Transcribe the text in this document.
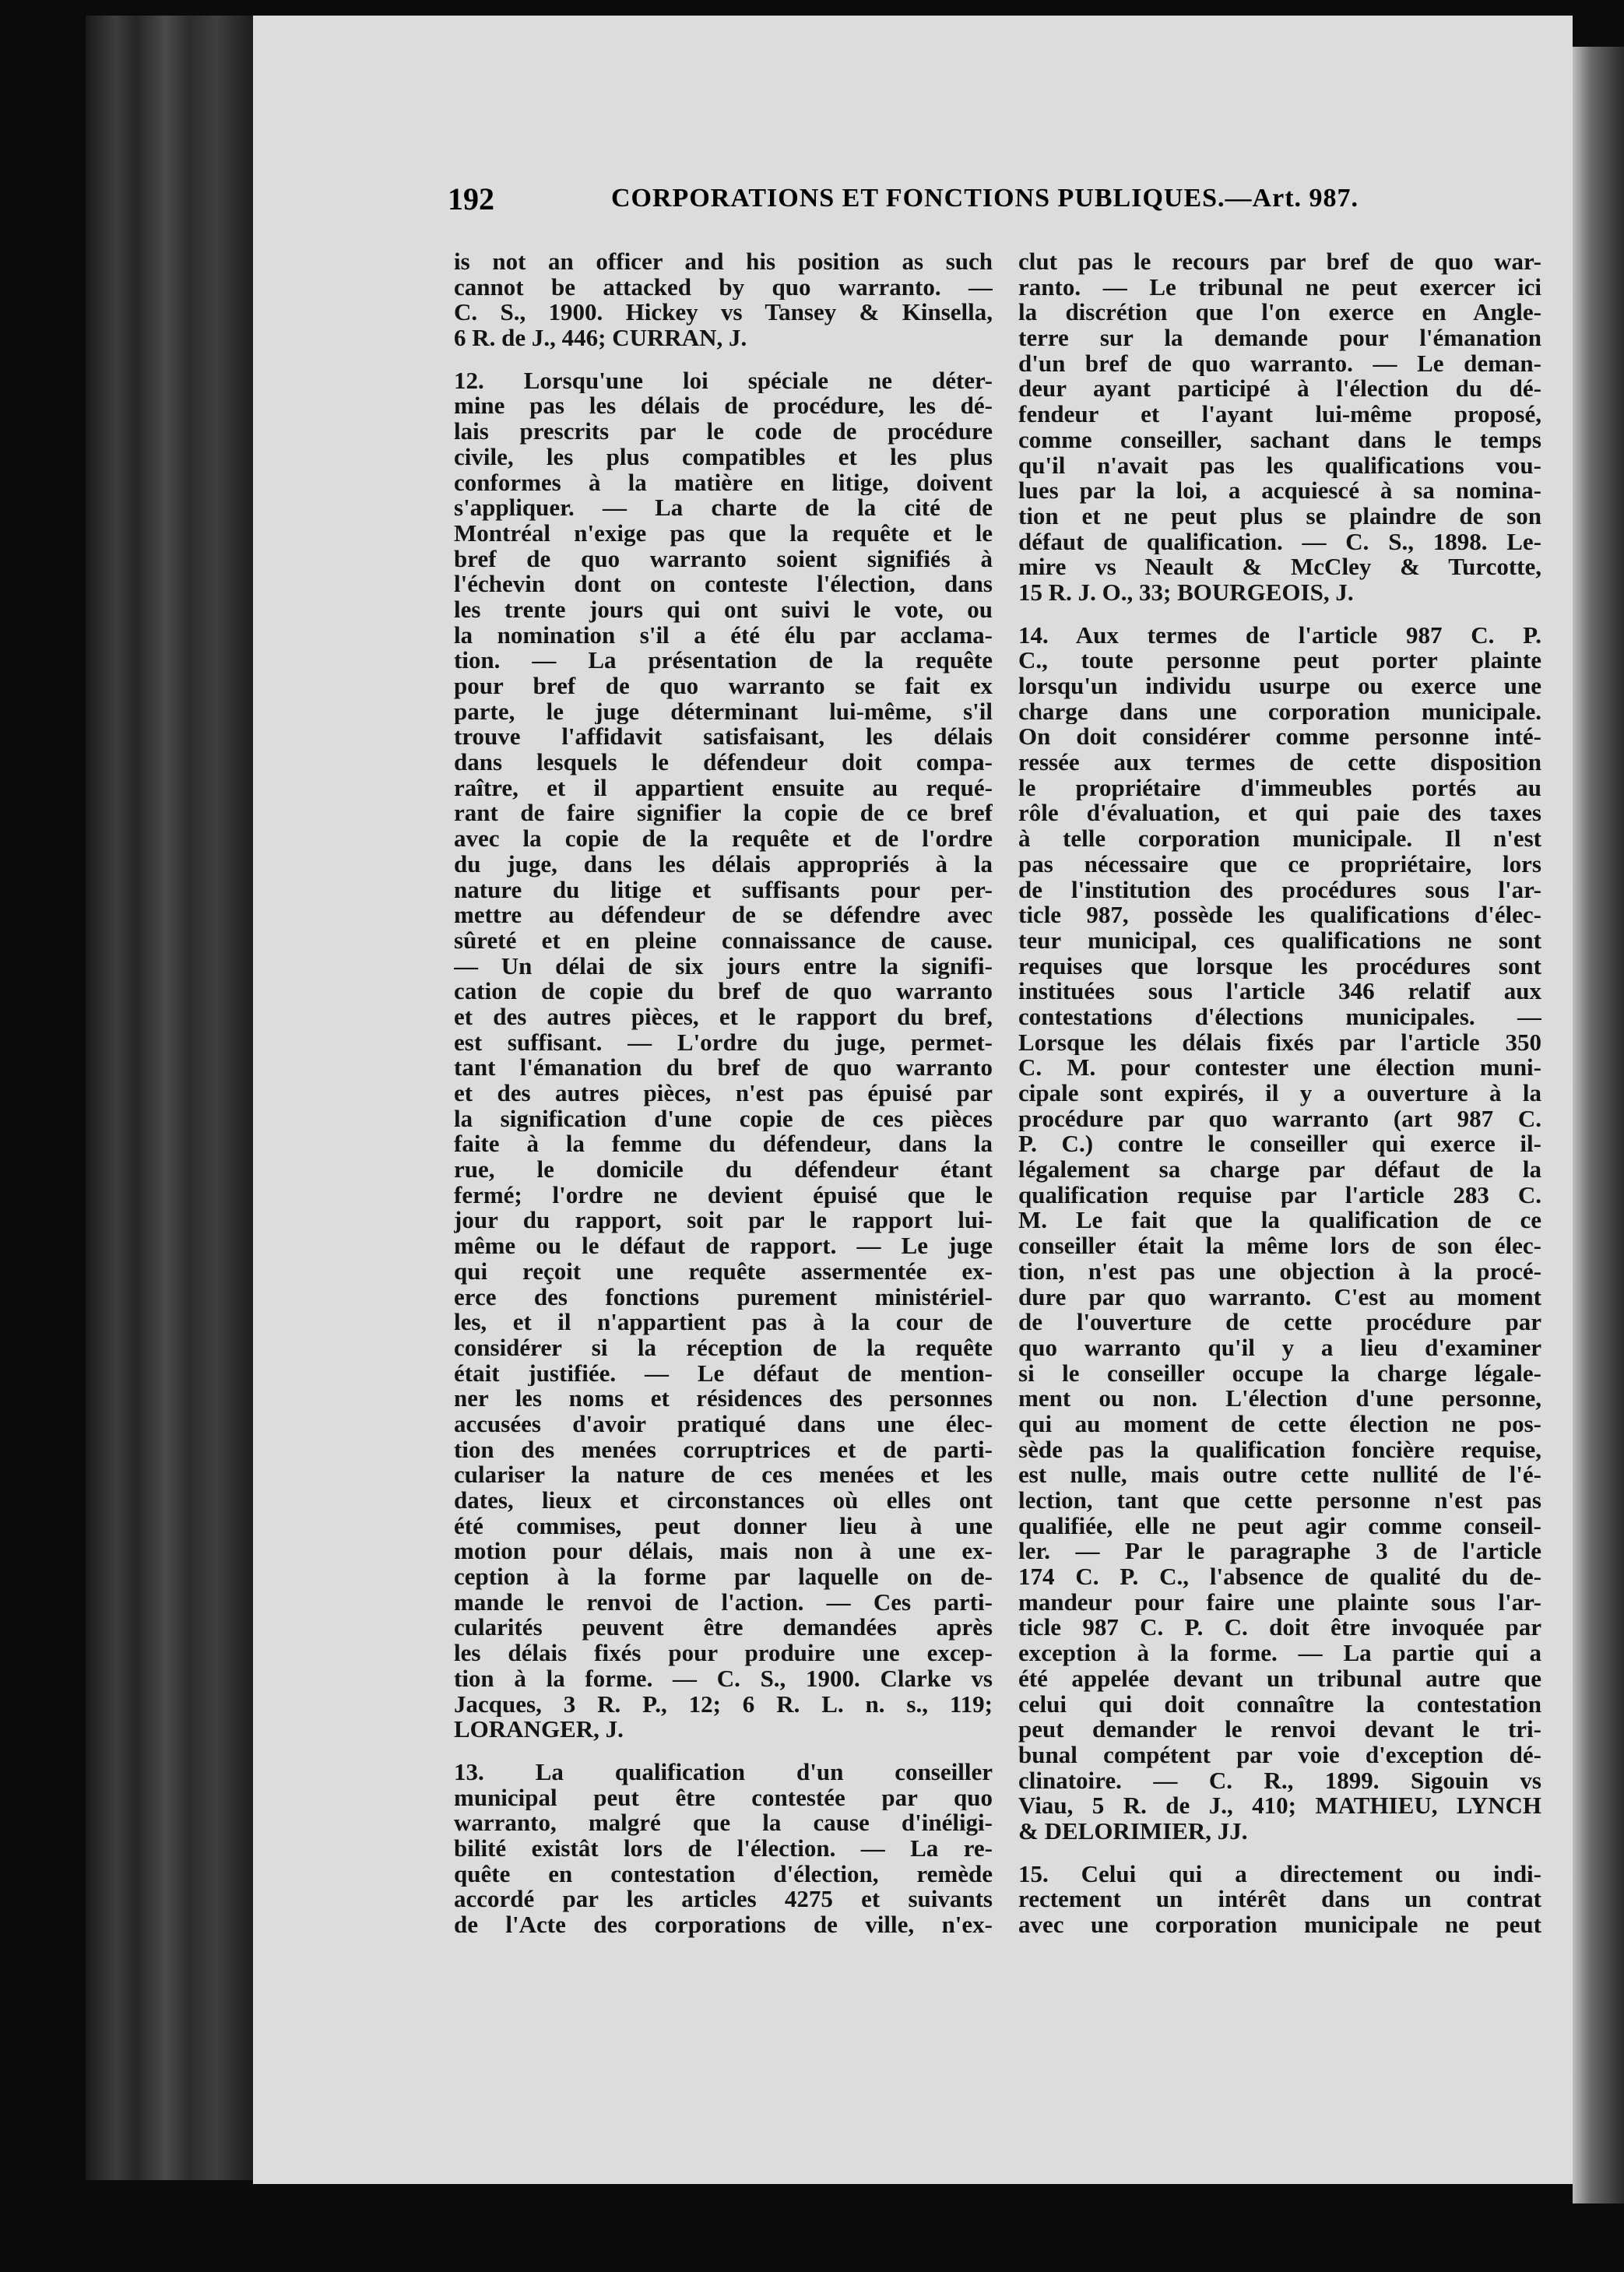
192	CORPORATIONS ET FONCTIONS PUBLIQUES.—Art. 987.
is not an officer and his position as such
cannot be attacked by quo warranto. —
C. S., 1900. Hickey vs Tansey & Kinsella,
6 R. de J., 446; CURRAN, J.
12. Lorsqu'une loi spéciale ne déter-
mine pas les délais de procédure, les dé-
lais prescrits par le code de procédure
civile, les plus compatibles et les plus
conformes à la matière en litige, doivent
s'appliquer. — La charte de la cité de
Montréal n'exige pas que la requête et le
bref de quo warranto soient signifiés à
l'échevin dont on conteste l'élection, dans
les trente jours qui ont suivi le vote, ou
la nomination s'il a été élu par acclama-
tion. — La présentation de la requête
pour bref de quo warranto se fait ex
parte, le juge déterminant lui-même, s'il
trouve l'affidavit satisfaisant, les délais
dans lesquels le défendeur doit compa-
raître, et il appartient ensuite au requé-
rant de faire signifier la copie de ce bref
avec la copie de la requête et de l'ordre
du juge, dans les délais appropriés à la
nature du litige et suffisants pour per-
mettre au défendeur de se défendre avec
sûreté et en pleine connaissance de cause.
— Un délai de six jours entre la signifi-
cation de copie du bref de quo warranto
et des autres pièces, et le rapport du bref,
est suffisant. — L'ordre du juge, permet-
tant l'émanation du bref de quo warranto
et des autres pièces, n'est pas épuisé par
la signification d'une copie de ces pièces
faite à la femme du défendeur, dans la
rue, le domicile du défendeur étant
fermé; l'ordre ne devient épuisé que le
jour du rapport, soit par le rapport lui-
même ou le défaut de rapport. — Le juge
qui reçoit une requête assermentée ex-
erce des fonctions purement ministériel-
les, et il n'appartient pas à la cour de
considérer si la réception de la requête
était justifiée. — Le défaut de mention-
ner les noms et résidences des personnes
accusées d'avoir pratiqué dans une élec-
tion des menées corruptrices et de parti-
culariser la nature de ces menées et les
dates, lieux et circonstances où elles ont
été commises, peut donner lieu à une
motion pour délais, mais non à une ex-
ception à la forme par laquelle on de-
mande le renvoi de l'action. — Ces parti-
cularités peuvent être demandées après
les délais fixés pour produire une excep-
tion à la forme. — C. S., 1900. Clarke vs
Jacques, 3 R. P., 12; 6 R. L. n. s., 119;
LORANGER, J.
13. La qualification d'un conseiller
municipal peut être contestée par quo
warranto, malgré que la cause d'inéligi-
bilité existât lors de l'élection. — La re-
quête en contestation d'élection, remède
accordé par les articles 4275 et suivants
de l'Acte des corporations de ville, n'ex-
clut pas le recours par bref de quo war-
ranto. — Le tribunal ne peut exercer ici
la discrétion que l'on exerce en Angle-
terre sur la demande pour l'émanation
d'un bref de quo warranto. — Le deman-
deur ayant participé à l'élection du dé-
fendeur et l'ayant lui-même proposé,
comme conseiller, sachant dans le temps
qu'il n'avait pas les qualifications vou-
lues par la loi, a acquiescé à sa nomina-
tion et ne peut plus se plaindre de son
défaut de qualification. — C. S., 1898. Le-
mire vs Neault & McCley & Turcotte,
15 R. J. O., 33; BOURGEOIS, J.
14. Aux termes de l'article 987 C. P.
C., toute personne peut porter plainte
lorsqu'un individu usurpe ou exerce une
charge dans une corporation municipale.
On doit considérer comme personne inté-
ressée aux termes de cette disposition
le propriétaire d'immeubles portés au
rôle d'évaluation, et qui paie des taxes
à telle corporation municipale. Il n'est
pas nécessaire que ce propriétaire, lors
de l'institution des procédures sous l'ar-
ticle 987, possède les qualifications d'élec-
teur municipal, ces qualifications ne sont
requises que lorsque les procédures sont
instituées sous l'article 346 relatif aux
contestations d'élections municipales. —
Lorsque les délais fixés par l'article 350
C. M. pour contester une élection muni-
cipale sont expirés, il y a ouverture à la
procédure par quo warranto (art 987 C.
P. C.) contre le conseiller qui exerce il-
légalement sa charge par défaut de la
qualification requise par l'article 283 C.
M. Le fait que la qualification de ce
conseiller était la même lors de son élec-
tion, n'est pas une objection à la procé-
dure par quo warranto. C'est au moment
de l'ouverture de cette procédure par
quo warranto qu'il y a lieu d'examiner
si le conseiller occupe la charge légale-
ment ou non. L'élection d'une personne,
qui au moment de cette élection ne pos-
sède pas la qualification foncière requise,
est nulle, mais outre cette nullité de l'é-
lection, tant que cette personne n'est pas
qualifiée, elle ne peut agir comme conseil-
ler. — Par le paragraphe 3 de l'article
174 C. P. C., l'absence de qualité du de-
mandeur pour faire une plainte sous l'ar-
ticle 987 C. P. C. doit être invoquée par
exception à la forme. — La partie qui a
été appelée devant un tribunal autre que
celui qui doit connaître la contestation
peut demander le renvoi devant le tri-
bunal compétent par voie d'exception dé-
clinatoire. — C. R., 1899. Sigouin vs
Viau, 5 R. de J., 410; MATHIEU, LYNCH
& DELORIMIER, JJ.
15. Celui qui a directement ou indi-
rectement un intérêt dans un contrat
avec une corporation municipale ne peut
